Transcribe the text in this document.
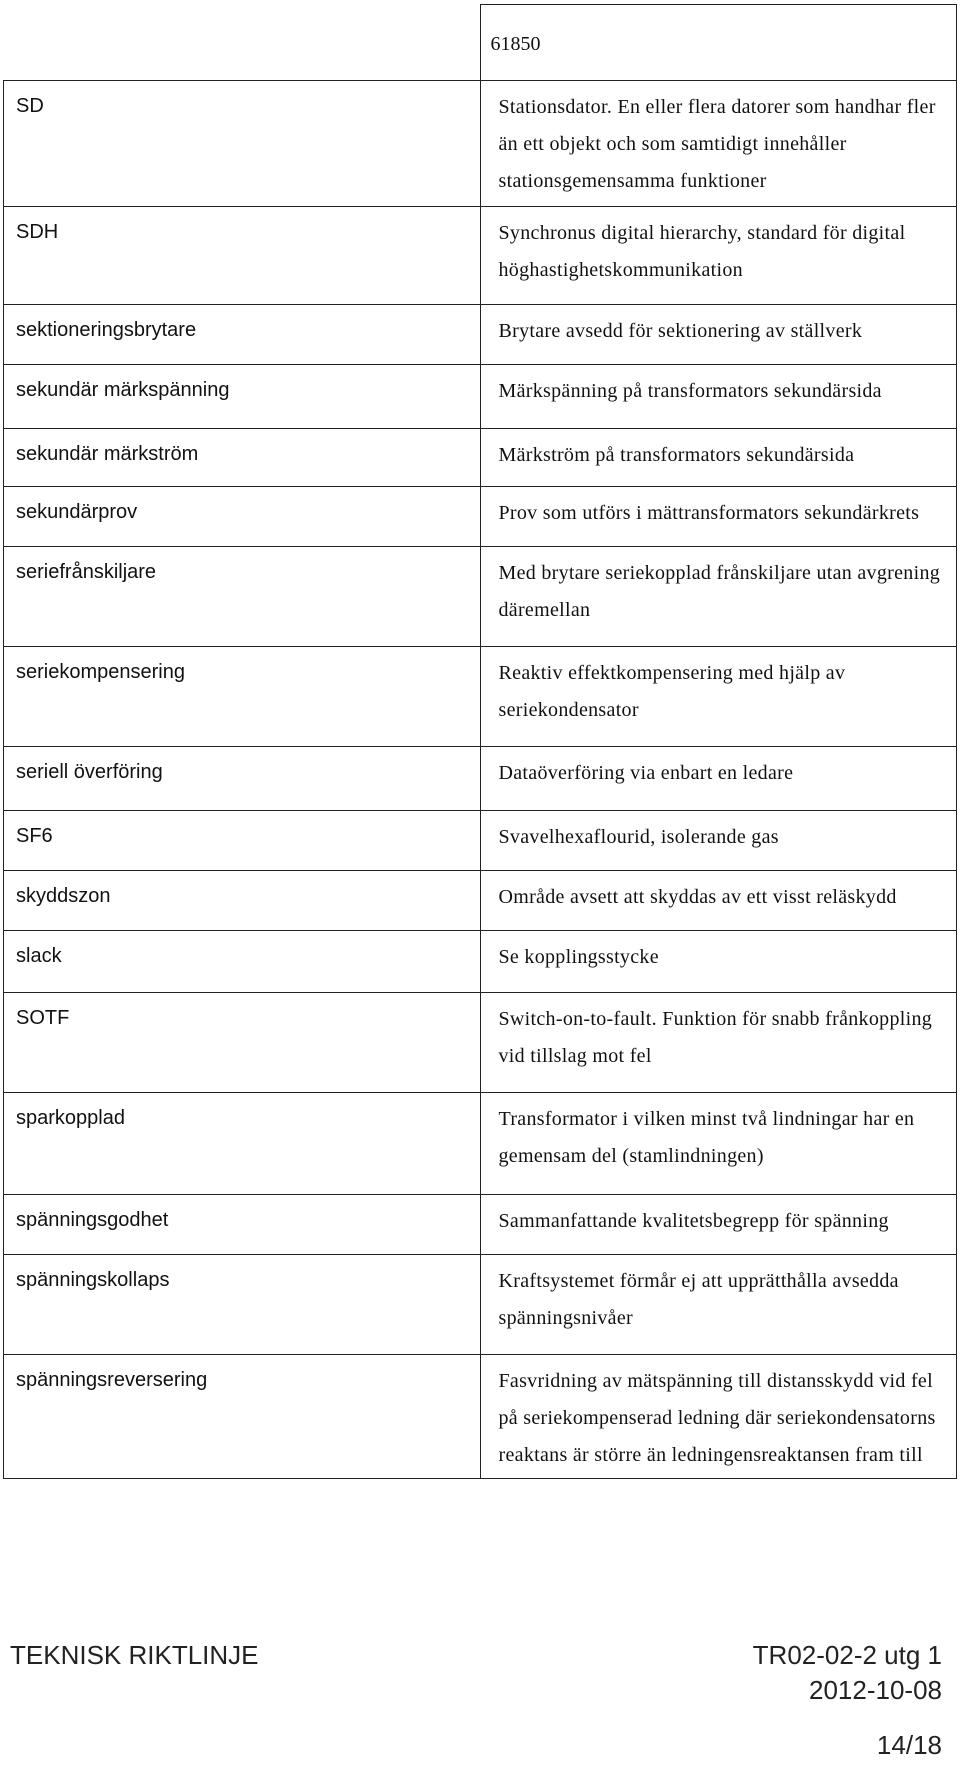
	61850
SD	Stationsdator. En eller flera datorer som handhar fler än ett objekt och som samtidigt innehåller stationsgemensamma funktioner
SDH	Synchronus digital hierarchy, standard för digital höghastighetskommunikation
sektioneringsbrytare	Brytare avsedd för sektionering av ställverk
sekundär märkspänning	Märkspänning på transformators sekundärsida
sekundär märkström	Märkström på transformators sekundärsida
sekundärprov	Prov som utförs i mättransformators sekundärkrets
seriefrånskiljare	Med brytare seriekopplad frånskiljare utan avgrening däremellan
seriekompensering	Reaktiv effektkompensering med hjälp av seriekondensator
seriell överföring	Dataöverföring via enbart en ledare
SF6	Svavelhexaflourid, isolerande gas
skyddszon	Område avsett att skyddas av ett visst reläskydd
slack	Se kopplingsstycke
SOTF	Switch-on-to-fault. Funktion för snabb frånkoppling vid tillslag mot fel
sparkopplad	Transformator i vilken minst två lindningar har en gemensam del (stamlindningen)
spänningsgodhet	Sammanfattande kvalitetsbegrepp för spänning
spänningskollaps	Kraftsystemet förmår ej att upprätthålla avsedda spänningsnivåer
spänningsreversering	Fasvridning av mätspänning till distansskydd vid fel på seriekompenserad ledning där seriekondensatorns reaktans är större än ledningensreaktansen fram till
TEKNISK RIKTLINJE	TR02-02-2 utg 1
2012-10-08
14/18
